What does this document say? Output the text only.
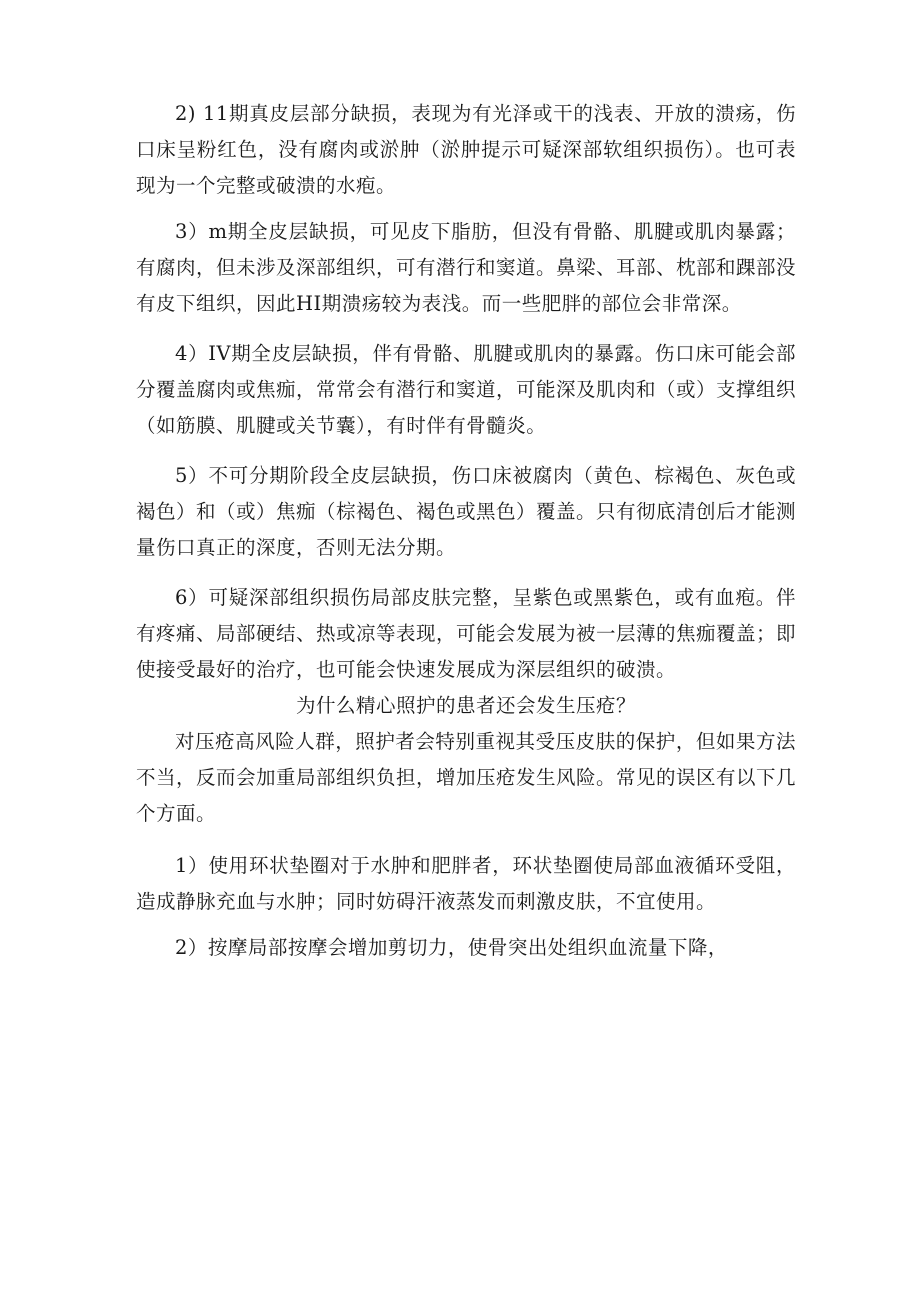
2) 11期真皮层部分缺损，表现为有光泽或干的浅表、开放的溃疡，伤口床呈粉红色，没有腐肉或淤肿（淤肿提示可疑深部软组织损伤）。也可表现为一个完整或破溃的水疱。

3）m期全皮层缺损，可见皮下脂肪，但没有骨骼、肌腱或肌肉暴露；有腐肉，但未涉及深部组织，可有潜行和窦道。鼻梁、耳部、枕部和踝部没有皮下组织，因此HI期溃疡较为表浅。而一些肥胖的部位会非常深。

4）IV期全皮层缺损，伴有骨骼、肌腱或肌肉的暴露。伤口床可能会部分覆盖腐肉或焦痂，常常会有潜行和窦道，可能深及肌肉和（或）支撑组织（如筋膜、肌腱或关节囊），有时伴有骨髓炎。

5）不可分期阶段全皮层缺损，伤口床被腐肉（黄色、棕褐色、灰色或褐色）和（或）焦痂（棕褐色、褐色或黑色）覆盖。只有彻底清创后才能测量伤口真正的深度，否则无法分期。

6）可疑深部组织损伤局部皮肤完整，呈紫色或黑紫色，或有血疱。伴有疼痛、局部硬结、热或凉等表现，可能会发展为被一层薄的焦痂覆盖；即使接受最好的治疗，也可能会快速发展成为深层组织的破溃。

为什么精心照护的患者还会发生压疮？

对压疮高风险人群，照护者会特别重视其受压皮肤的保护，但如果方法不当，反而会加重局部组织负担，增加压疮发生风险。常见的误区有以下几个方面。

1）使用环状垫圈对于水肿和肥胖者，环状垫圈使局部血液循环受阻，造成静脉充血与水肿；同时妨碍汗液蒸发而刺激皮肤，不宜使用。

2）按摩局部按摩会增加剪切力，使骨突出处组织血流量下降，
